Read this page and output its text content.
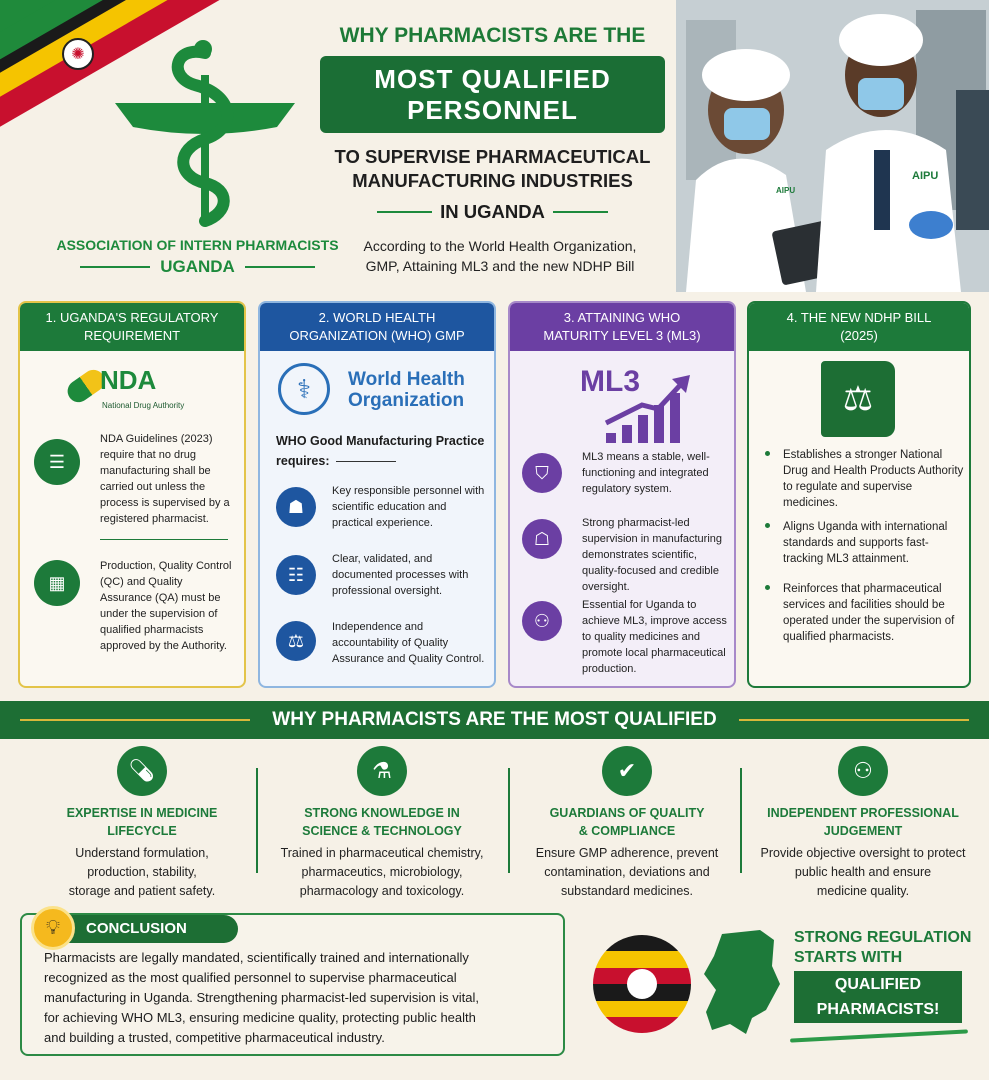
✺
ASSOCIATION OF INTERN PHARMACISTS
UGANDA
WHY PHARMACISTS ARE THE
MOST QUALIFIED
PERSONNEL
TO SUPERVISE PHARMACEUTICAL
MANUFACTURING INDUSTRIES
IN UGANDA
According to the World Health Organization,
GMP, Attaining ML3 and the new NDHP Bill
AIPU
AIPU
1. UGANDA'S REGULATORY
REQUIREMENT
NDA
National Drug Authority
☰
NDA Guidelines (2023) require that no drug manufacturing shall be carried out unless the process is supervised by a registered pharmacist.
▦
Production, Quality Control (QC) and Quality Assurance (QA) must be under the supervision of qualified pharmacists approved by the Authority.
2. WORLD HEALTH
ORGANIZATION (WHO) GMP
⚕	World Health
Organization
WHO Good Manufacturing Practice
requires:
☗
Key responsible personnel with scientific education and practical experience.
☷
Clear, validated, and documented processes with professional oversight.
⚖
Independence and accountability of Quality Assurance and Quality Control.
3. ATTAINING WHO
MATURITY LEVEL 3 (ML3)
ML3
⛉
ML3 means a stable, well-functioning and integrated regulatory system.
☖
Strong pharmacist-led supervision in manufacturing demonstrates scientific, quality-focused and credible oversight.
⚇
Essential for Uganda to achieve ML3, improve access to quality medicines and promote local pharmaceutical production.
4. THE NEW NDHP BILL
(2025)
⚖
Establishes a stronger National Drug and Health Products Authority to regulate and supervise medicines.
Aligns Uganda with international standards and supports fast-tracking ML3 attainment.
Reinforces that pharmaceutical services and facilities should be operated under the supervision of qualified pharmacists.
WHY PHARMACISTS ARE THE MOST QUALIFIED
💊︎
EXPERTISE IN MEDICINE
LIFECYCLE
Understand formulation,
production, stability,
storage and patient safety.
⚗
STRONG KNOWLEDGE IN
SCIENCE & TECHNOLOGY
Trained in pharmaceutical chemistry,
pharmaceutics, microbiology,
pharmacology and toxicology.
✔
GUARDIANS OF QUALITY
& COMPLIANCE
Ensure GMP adherence, prevent
contamination, deviations and
substandard medicines.
⚇
INDEPENDENT PROFESSIONAL
JUDGEMENT
Provide objective oversight to protect
public health and ensure
medicine quality.
CONCLUSION
💡︎
Pharmacists are legally mandated, scientifically trained and internationally
recognized as the most qualified personnel to supervise pharmaceutical
manufacturing in Uganda. Strengthening pharmacist-led supervision is vital,
for achieving WHO ML3, ensuring medicine quality, protecting public health
and building a trusted, competitive pharmaceutical industry.
STRONG REGULATION
STARTS WITH
QUALIFIED
PHARMACISTS!
